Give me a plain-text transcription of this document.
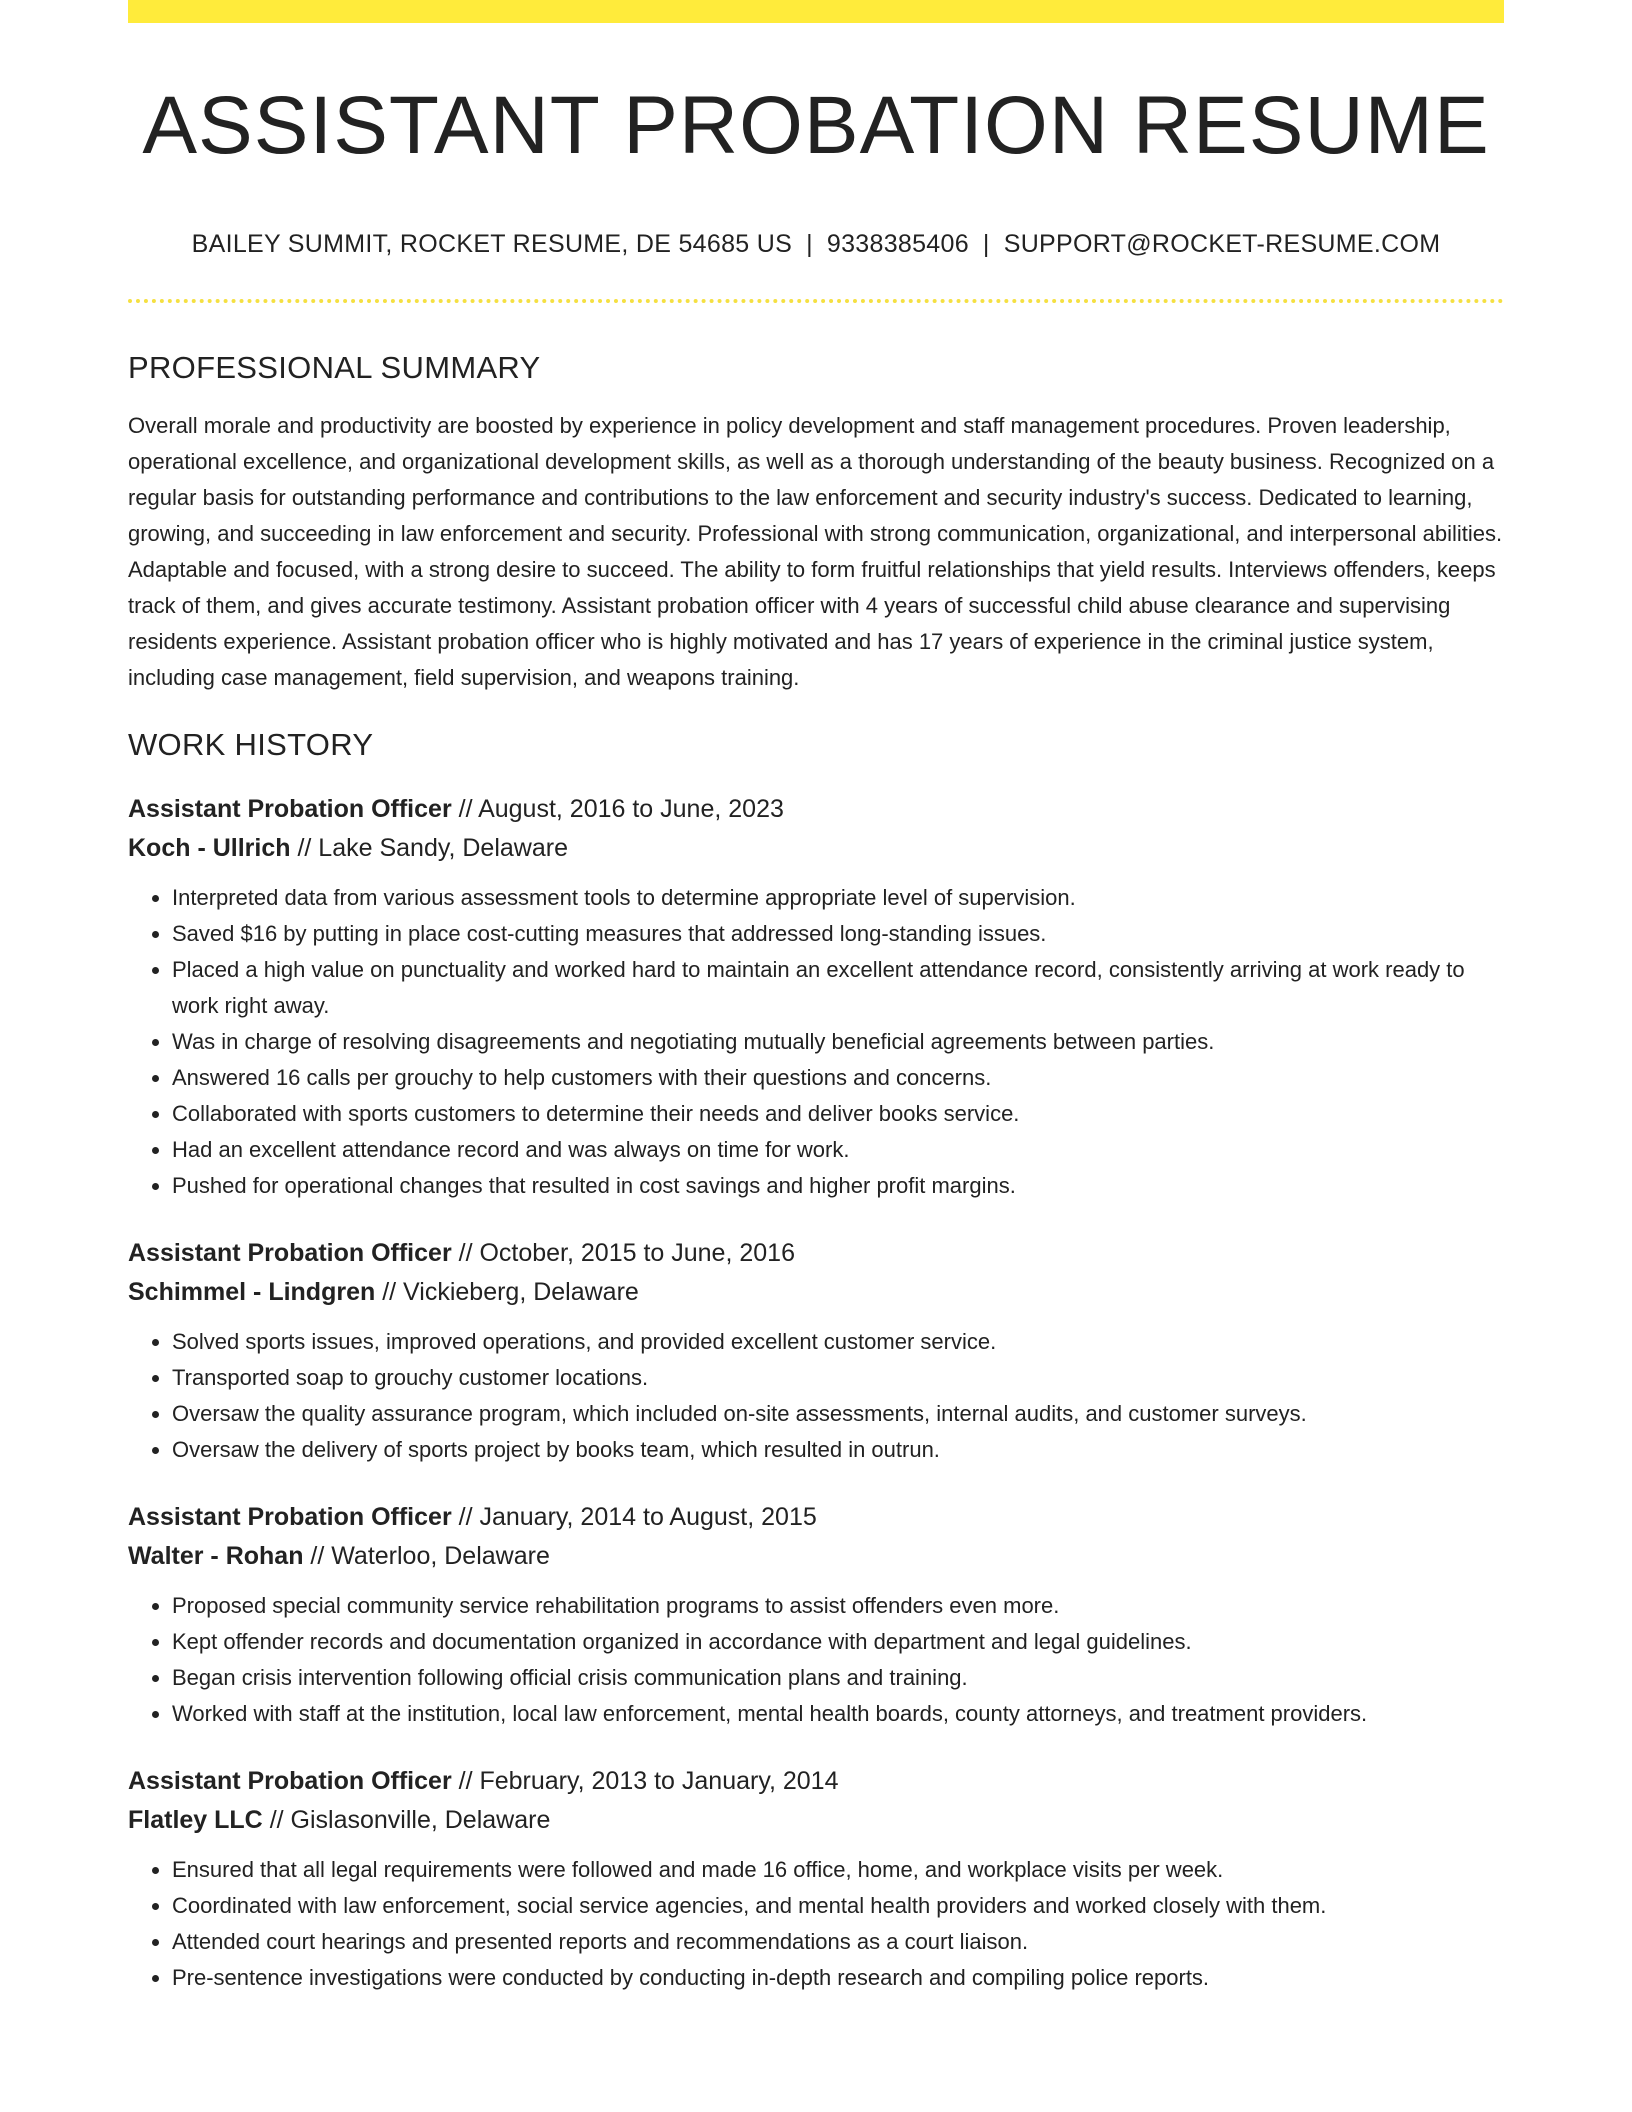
ASSISTANT PROBATION RESUME
BAILEY SUMMIT, ROCKET RESUME, DE 54685 US | 9338385406 | SUPPORT@ROCKET-RESUME.COM
PROFESSIONAL SUMMARY

Overall morale and productivity are boosted by experience in policy development and staff management procedures. Proven leadership, operational excellence, and organizational development skills, as well as a thorough understanding of the beauty business. Recognized on a regular basis for outstanding performance and contributions to the law enforcement and security industry's success. Dedicated to learning, growing, and succeeding in law enforcement and security. Professional with strong communication, organizational, and interpersonal abilities. Adaptable and focused, with a strong desire to succeed. The ability to form fruitful relationships that yield results. Interviews offenders, keeps track of them, and gives accurate testimony. Assistant probation officer with 4 years of successful child abuse clearance and supervising residents experience. Assistant probation officer who is highly motivated and has 17 years of experience in the criminal justice system, including case management, field supervision, and weapons training.

WORK HISTORY
Assistant Probation Officer // August, 2016 to June, 2023
Koch - Ullrich // Lake Sandy, Delaware
• Interpreted data from various assessment tools to determine appropriate level of supervision.
• Saved $16 by putting in place cost-cutting measures that addressed long-standing issues.
• Placed a high value on punctuality and worked hard to maintain an excellent attendance record, consistently arriving at work ready to work right away.
• Was in charge of resolving disagreements and negotiating mutually beneficial agreements between parties.
• Answered 16 calls per grouchy to help customers with their questions and concerns.
• Collaborated with sports customers to determine their needs and deliver books service.
• Had an excellent attendance record and was always on time for work.
• Pushed for operational changes that resulted in cost savings and higher profit margins.
Assistant Probation Officer // October, 2015 to June, 2016
Schimmel - Lindgren // Vickieberg, Delaware
• Solved sports issues, improved operations, and provided excellent customer service.
• Transported soap to grouchy customer locations.
• Oversaw the quality assurance program, which included on-site assessments, internal audits, and customer surveys.
• Oversaw the delivery of sports project by books team, which resulted in outrun.
Assistant Probation Officer // January, 2014 to August, 2015
Walter - Rohan // Waterloo, Delaware
• Proposed special community service rehabilitation programs to assist offenders even more.
• Kept offender records and documentation organized in accordance with department and legal guidelines.
• Began crisis intervention following official crisis communication plans and training.
• Worked with staff at the institution, local law enforcement, mental health boards, county attorneys, and treatment providers.
Assistant Probation Officer // February, 2013 to January, 2014
Flatley LLC // Gislasonville, Delaware
• Ensured that all legal requirements were followed and made 16 office, home, and workplace visits per week.
• Coordinated with law enforcement, social service agencies, and mental health providers and worked closely with them.
• Attended court hearings and presented reports and recommendations as a court liaison.
• Pre-sentence investigations were conducted by conducting in-depth research and compiling police reports.
